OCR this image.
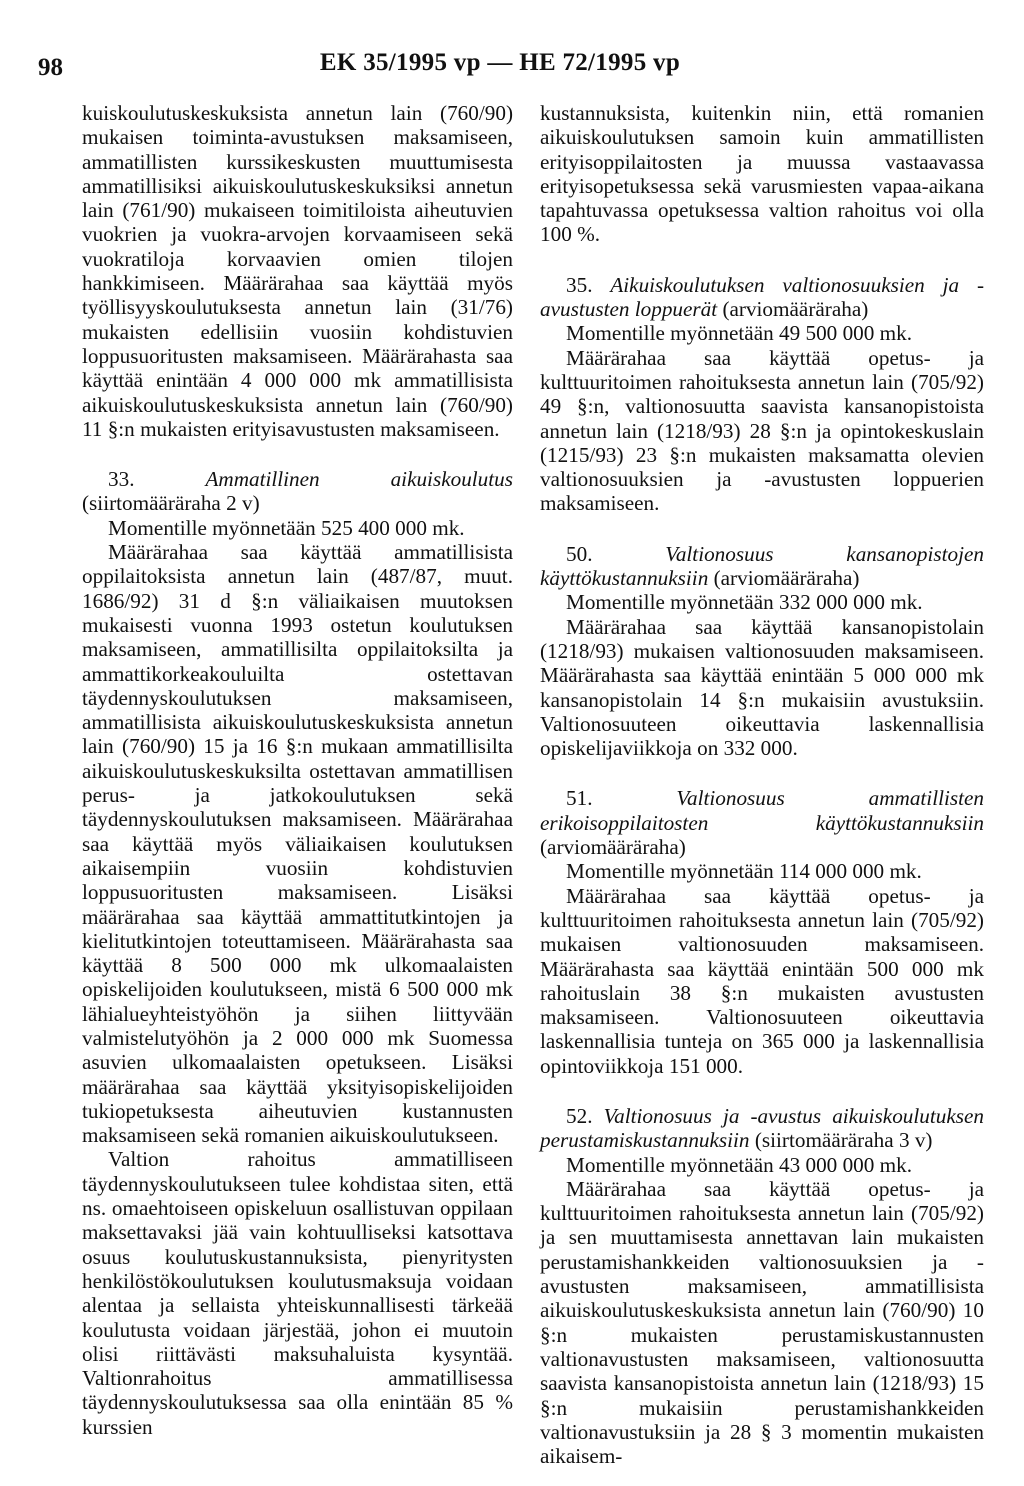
98	EK 35/1995 vp — HE 72/1995 vp

kuiskoulutuskeskuksista annetun lain (760/90) mukaisen toiminta-avustuksen maksamiseen, ammatillisten kurssikeskusten muuttumisesta ammatillisiksi aikuiskoulutuskeskuksiksi annetun lain (761/90) mukaiseen toimitiloista aiheutuvien vuokrien ja vuokra-arvojen korvaamiseen sekä vuokratiloja korvaavien omien tilojen hankkimiseen. Määrärahaa saa käyttää myös työllisyyskoulutuksesta annetun lain (31/76) mukaisten edellisiin vuosiin kohdistuvien loppusuoritusten maksamiseen. Määrärahasta saa käyttää enintään 4 000 000 mk ammatillisista aikuiskoulutuskeskuksista annetun lain (760/90) 11 §:n mukaisten erityisavustusten maksamiseen.

33.	Ammatillinen aikuiskoulutus (siirtomääräraha 2 v)

Momentille myönnetään 525 400 000 mk.

Määrärahaa saa käyttää ammatillisista oppilaitoksista annetun lain (487/87, muut. 1686/92) 31 d §:n väliaikaisen muutoksen mukaisesti vuonna 1993 ostetun koulutuksen maksamiseen, ammatillisilta oppilaitoksilta ja ammattikorkeakouluilta ostettavan täydennyskoulutuksen maksamiseen, ammatillisista aikuiskoulutuskeskuksista annetun lain (760/90) 15 ja 16 §:n mukaan ammatillisilta aikuiskoulutuskeskuksilta ostettavan ammatillisen perus- ja jatkokoulutuksen sekä täydennyskoulutuksen maksamiseen. Määrärahaa saa käyttää myös väliaikaisen koulutuksen aikaisempiin vuosiin kohdistuvien loppusuoritusten maksamiseen. Lisäksi määrärahaa saa käyttää ammattitutkintojen ja kielitutkintojen toteuttamiseen. Määrärahasta saa käyttää 8 500 000 mk ulkomaalaisten opiskelijoiden koulutukseen, mistä 6 500 000 mk lähialueyhteistyöhön ja siihen liittyvään valmistelutyöhön ja 2 000 000 mk Suomessa asuvien ulkomaalaisten opetukseen. Lisäksi määrärahaa saa käyttää yksityisopiskelijoiden tukiopetuksesta aiheutuvien kustannusten maksamiseen sekä romanien aikuiskoulutukseen.

Valtion rahoitus ammatilliseen täydennyskoulutukseen tulee kohdistaa siten, että ns. omaehtoiseen opiskeluun osallistuvan oppilaan maksettavaksi jää vain kohtuulliseksi katsottava osuus koulutuskustannuksista, pienyritysten henkilöstökoulutuksen koulutusmaksuja voidaan alentaa ja sellaista yhteiskunnallisesti tärkeää koulutusta voidaan järjestää, johon ei muutoin olisi riittävästi maksuhaluista kysyntää. Valtionrahoitus ammatillisessa täydennyskoulutuksessa saa olla enintään 85 % kurssien

kustannuksista, kuitenkin niin, että romanien aikuiskoulutuksen samoin kuin ammatillisten erityisoppilaitosten ja muussa vastaavassa erityisopetuksessa sekä varusmiesten vapaa-aikana tapahtuvassa opetuksessa valtion rahoitus voi olla 100 %.

35. Aikuiskoulutuksen valtionosuuksien ja -avustusten loppuerät (arviomääräraha)

Momentille myönnetään 49 500 000 mk.

Määrärahaa saa käyttää opetus- ja kulttuuritoimen rahoituksesta annetun lain (705/92) 49 §:n, valtionosuutta saavista kansanopistoista annetun lain (1218/93) 28 §:n ja opintokeskuslain (1215/93) 23 §:n mukaisten maksamatta olevien valtionosuuksien ja -avustusten loppuerien maksamiseen.

50.	Valtionosuus kansanopistojen käyttökustannuksiin (arviomääräraha)

Momentille myönnetään 332 000 000 mk.

Määrärahaa saa käyttää kansanopistolain (1218/93) mukaisen valtionosuuden maksamiseen. Määrärahasta saa käyttää enintään 5 000 000 mk kansanopistolain 14 §:n mukaisiin avustuksiin. Valtionosuuteen oikeuttavia laskennallisia opiskelijaviikkoja on 332 000.

51.	Valtionosuus ammatillisten erikoisoppilaitosten käyttökustannuksiin (arviomääräraha)

Momentille myönnetään 114 000 000 mk.

Määrärahaa saa käyttää opetus- ja kulttuuritoimen rahoituksesta annetun lain (705/92) mukaisen valtionosuuden maksamiseen. Määrärahasta saa käyttää enintään 500 000 mk rahoituslain 38 §:n mukaisten avustusten maksamiseen. Valtionosuuteen oikeuttavia laskennallisia tunteja on 365 000 ja laskennallisia opintoviikkoja 151 000.

52. Valtionosuus ja -avustus aikuiskoulutuksen perustamiskustannuksiin (siirtomääräraha 3 v)

Momentille myönnetään 43 000 000 mk.

Määrärahaa saa käyttää opetus- ja kulttuuritoimen rahoituksesta annetun lain (705/92) ja sen muuttamisesta annettavan lain mukaisten perustamishankkeiden valtionosuuksien ja -avustusten maksamiseen, ammatillisista aikuiskoulutuskeskuksista annetun lain (760/90) 10 §:n mukaisten perustamiskustannusten valtionavustusten maksamiseen, valtionosuutta saavista kansanopistoista annetun lain (1218/93) 15 §:n mukaisiin perustamishankkeiden valtionavustuksiin ja 28 § 3 momentin mukaisten aikaisem-
